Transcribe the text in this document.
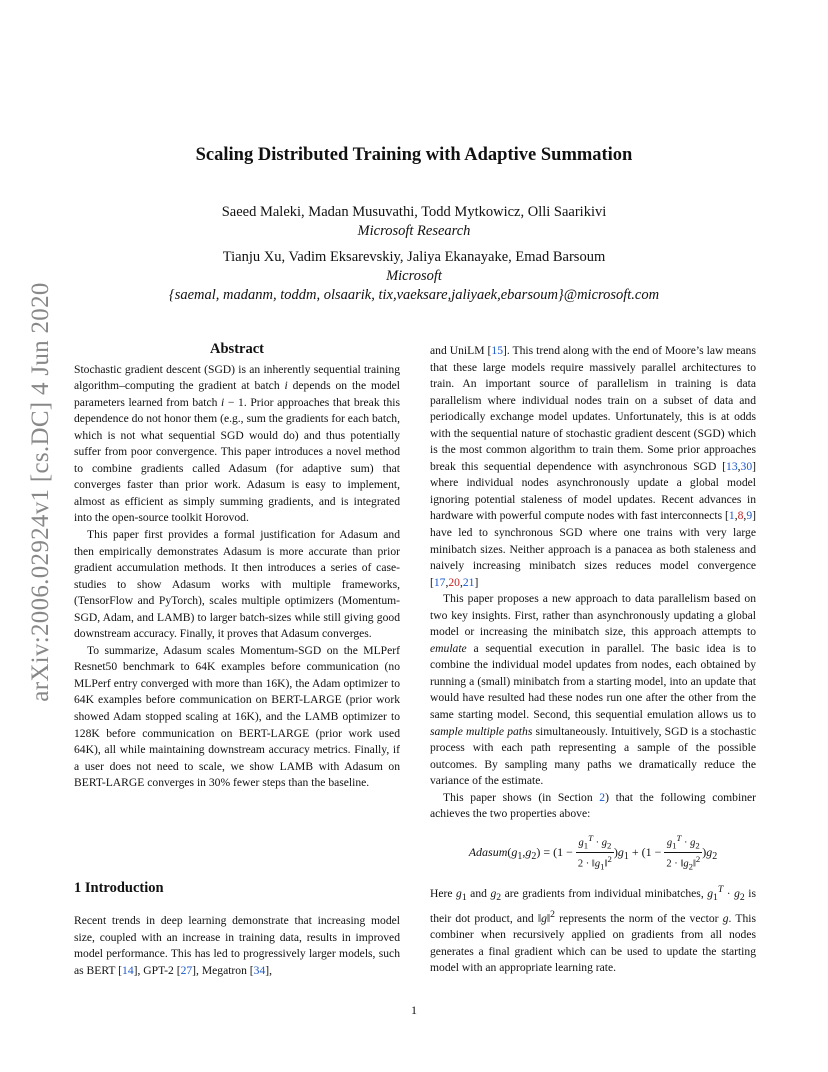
arXiv:2006.02924v1 [cs.DC] 4 Jun 2020
Scaling Distributed Training with Adaptive Summation
Saeed Maleki, Madan Musuvathi, Todd Mytkowicz, Olli Saarikivi
Microsoft Research
Tianju Xu, Vadim Eksarevskiy, Jaliya Ekanayake, Emad Barsoum
Microsoft
{saemal, madanm, toddm, olsaarik, tix,vaeksare,jaliyaek,ebarsoum}@microsoft.com
Abstract

Stochastic gradient descent (SGD) is an inherently sequential training algorithm–computing the gradient at batch i depends on the model parameters learned from batch i − 1. Prior approaches that break this dependence do not honor them (e.g., sum the gradients for each batch, which is not what sequential SGD would do) and thus potentially suffer from poor convergence. This paper introduces a novel method to combine gradients called Adasum (for adaptive sum) that converges faster than prior work. Adasum is easy to implement, almost as efficient as simply summing gradients, and is integrated into the open-source toolkit Horovod.

This paper first provides a formal justification for Adasum and then empirically demonstrates Adasum is more accurate than prior gradient accumulation methods. It then introduces a series of case-studies to show Adasum works with multiple frameworks, (TensorFlow and PyTorch), scales multiple optimizers (Momentum-SGD, Adam, and LAMB) to larger batch-sizes while still giving good downstream accuracy. Finally, it proves that Adasum converges.

To summarize, Adasum scales Momentum-SGD on the MLPerf Resnet50 benchmark to 64K examples before communication (no MLPerf entry converged with more than 16K), the Adam optimizer to 64K examples before communication on BERT-LARGE (prior work showed Adam stopped scaling at 16K), and the LAMB optimizer to 128K before communication on BERT-LARGE (prior work used 64K), all while maintaining downstream accuracy metrics. Finally, if a user does not need to scale, we show LAMB with Adasum on BERT-LARGE converges in 30% fewer steps than the baseline.

1 Introduction

Recent trends in deep learning demonstrate that increasing model size, coupled with an increase in training data, results in improved model performance. This has led to progressively larger models, such as BERT [14], GPT-2 [27], Megatron [34],

and UniLM [15]. This trend along with the end of Moore’s law means that these large models require massively parallel architectures to train. An important source of parallelism in training is data parallelism where individual nodes train on a subset of data and periodically exchange model updates. Unfortunately, this is at odds with the sequential nature of stochastic gradient descent (SGD) which is the most common algorithm to train them. Some prior approaches break this sequential dependence with asynchronous SGD [13,30] where individual nodes asynchronously update a global model ignoring potential staleness of model updates. Recent advances in hardware with powerful compute nodes with fast interconnects [1,8,9] have led to synchronous SGD where one trains with very large minibatch sizes. Neither approach is a panacea as both staleness and naively increasing minibatch sizes reduces model convergence [17,20,21]

This paper proposes a new approach to data parallelism based on two key insights. First, rather than asynchronously updating a global model or increasing the minibatch size, this approach attempts to emulate a sequential execution in parallel. The basic idea is to combine the individual model updates from nodes, each obtained by running a (small) minibatch from a starting model, into an update that would have resulted had these nodes run one after the other from the same starting model. Second, this sequential emulation allows us to sample multiple paths simultaneously. Intuitively, SGD is a stochastic process with each path representing a sample of the possible outcomes. By sampling many paths we dramatically reduce the variance of the estimate.

This paper shows (in Section 2) that the following combiner achieves the two properties above:

$Adasum(g_1,g_2) = (1 - \frac{g_1^T \cdot g_2}{2 \cdot ‖g_1‖^2} )g_1 + (1 - \frac{g_1^T \cdot g_2}{2 \cdot ‖g_2‖^2} )g_2$

Here $g_1$ and $g_2$ are gradients from individual minibatches, $g_1^T \cdot g_2$ is their dot product, and ‖g‖$^2$ represents the norm of the vector g. This combiner when recursively applied on gradients from all nodes generates a final gradient which can be used to update the starting model with an appropriate learning rate.

1
